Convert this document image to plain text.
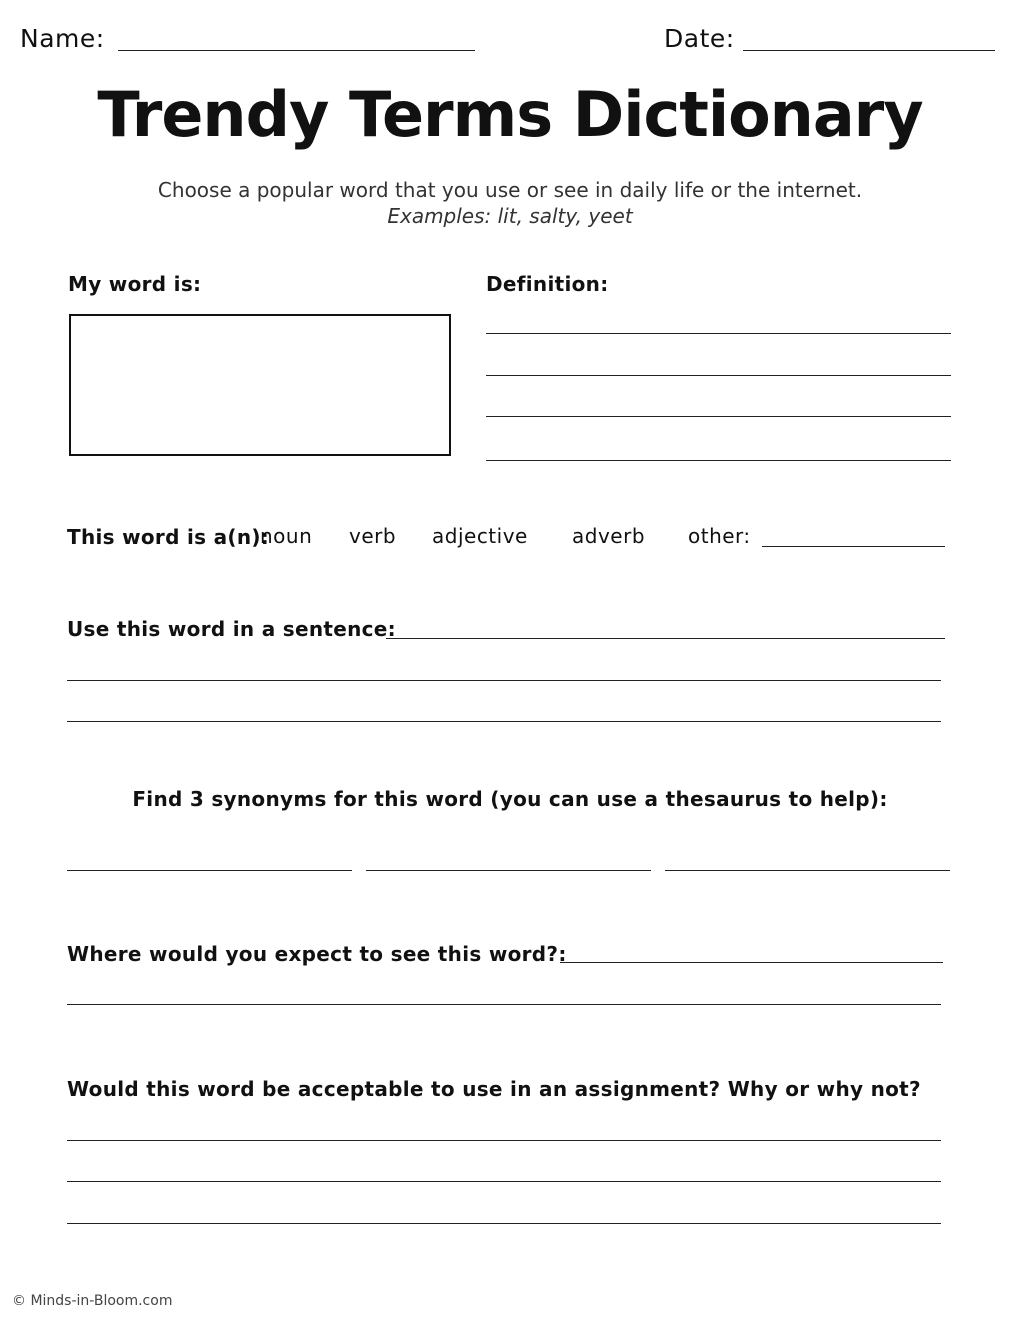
Name:	Date:
Trendy Terms Dictionary
Choose a popular word that you use or see in daily life or the internet.
Examples: lit, salty, yeet
My word is:	Definition:
This word is a(n):
noun verb adjective adverb other:
Use this word in a sentence:
Find 3 synonyms for this word (you can use a thesaurus to help):
Where would you expect to see this word?:
Would this word be acceptable to use in an assignment? Why or why not?
© Minds-in-Bloom.com
